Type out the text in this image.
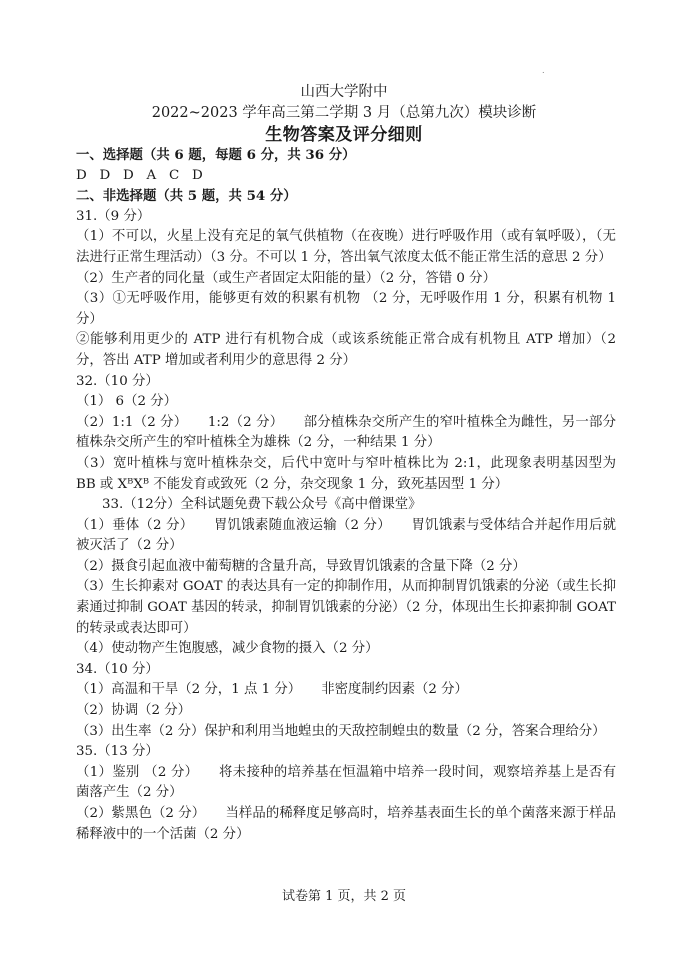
.
山西大学附中
2022~2023 学年高三第二学期 3 月（总第九次）模块诊断
生物答案及评分细则
一、选择题（共 6 题，每题 6 分，共 36 分）
D   D   D   A   C   D
二、非选择题（共 5 题，共 54 分）
31.（9 分）
（1）不可以，火星上没有充足的氧气供植物（在夜晚）进行呼吸作用（或有氧呼吸），（无法进行正常生理活动）（3 分。不可以 1 分，答出氧气浓度太低不能正常生活的意思 2 分）
（2）生产者的同化量（或生产者固定太阳能的量）（2 分，答错 0 分）
（3）①无呼吸作用，能够更有效的积累有机物 （2 分，无呼吸作用 1 分，积累有机物 1 分）
②能够利用更少的 ATP 进行有机物合成（或该系统能正常合成有机物且 ATP 增加）（2 分，答出 ATP 增加或者利用少的意思得 2 分）
32.（10 分）
（1） 6（2 分）
（2）1:1（2 分）　　1:2（2 分）　　部分植株杂交所产生的窄叶植株全为雌性，另一部分植株杂交所产生的窄叶植株全为雄株（2 分，一种结果 1 分）
（3）宽叶植株与宽叶植株杂交，后代中宽叶与窄叶植株比为 2:1，此现象表明基因型为 BB 或 XᴮXᴮ 不能发育或致死（2 分，杂交现象 1 分，致死基因型 1 分）
33.（12分）全科试题免费下载公众号《高中僧课堂》
（1）垂体（2 分）　　胃饥饿素随血液运输（2 分）　　胃饥饿素与受体结合并起作用后就被灭活了（2 分）
（2）摄食引起血液中葡萄糖的含量升高，导致胃饥饿素的含量下降（2 分）
（3）生长抑素对 GOAT 的表达具有一定的抑制作用，从而抑制胃饥饿素的分泌（或生长抑素通过抑制 GOAT 基因的转录，抑制胃饥饿素的分泌）（2 分，体现出生长抑素抑制 GOAT 的转录或表达即可）
（4）使动物产生饱腹感，减少食物的摄入（2 分）
34.（10 分）
（1）高温和干旱（2 分，1 点 1 分）　　非密度制约因素（2 分）
（2）协调（2 分）
（3）出生率（2 分）保护和利用当地蝗虫的天敌控制蝗虫的数量（2 分，答案合理给分）
35.（13 分）
（1）鉴别 （2 分）　　将未接种的培养基在恒温箱中培养一段时间，观察培养基上是否有菌落产生（2 分）
（2）紫黑色（2 分）　　当样品的稀释度足够高时，培养基表面生长的单个菌落来源于样品稀释液中的一个活菌（2 分）
试卷第 1 页，共 2 页
